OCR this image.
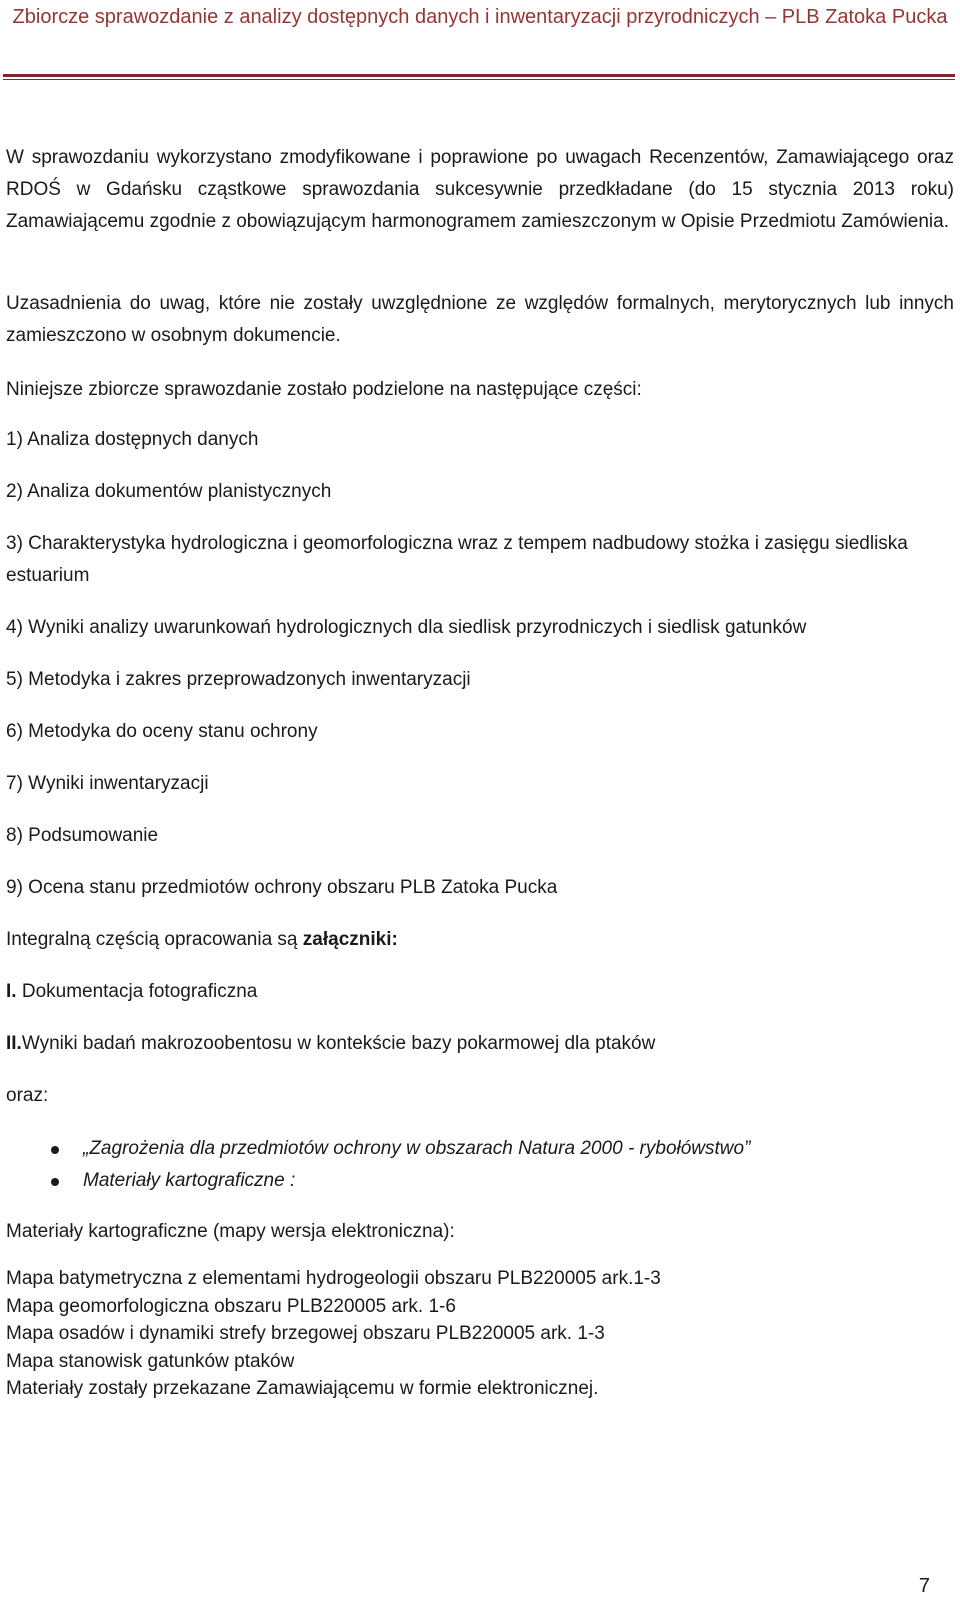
Zbiorcze sprawozdanie z analizy dostępnych danych i inwentaryzacji przyrodniczych – PLB Zatoka Pucka

W sprawozdaniu wykorzystano zmodyfikowane i poprawione po uwagach Recenzentów, Zamawiającego oraz RDOŚ w Gdańsku cząstkowe sprawozdania sukcesywnie przedkładane (do 15 stycznia 2013 roku) Zamawiającemu zgodnie z obowiązującym harmonogramem zamieszczonym w Opisie Przedmiotu Zamówienia.

Uzasadnienia do uwag, które nie zostały uwzględnione ze względów formalnych, merytorycznych lub innych zamieszczono w osobnym dokumencie.

Niniejsze zbiorcze sprawozdanie zostało podzielone na następujące części:

1) Analiza dostępnych danych

2) Analiza dokumentów planistycznych

3) Charakterystyka hydrologiczna i geomorfologiczna wraz z tempem nadbudowy stożka i zasięgu siedliska estuarium

4) Wyniki analizy uwarunkowań hydrologicznych dla siedlisk przyrodniczych i siedlisk gatunków

5) Metodyka i zakres przeprowadzonych inwentaryzacji

6) Metodyka do oceny stanu ochrony

7) Wyniki inwentaryzacji

8) Podsumowanie

9) Ocena stanu przedmiotów ochrony obszaru PLB Zatoka Pucka

Integralną częścią opracowania są załączniki:

I. Dokumentacja fotograficzna

II.Wyniki badań makrozoobentosu w kontekście bazy pokarmowej dla ptaków

oraz:

„Zagrożenia dla przedmiotów ochrony w obszarach Natura 2000 - rybołówstwo”
Materiały kartograficzne :

Materiały kartograficzne (mapy wersja elektroniczna):

Mapa batymetryczna z elementami hydrogeologii obszaru PLB220005 ark.1-3
Mapa geomorfologiczna obszaru PLB220005 ark. 1-6
Mapa osadów i dynamiki strefy brzegowej obszaru PLB220005 ark. 1-3
Mapa stanowisk gatunków ptaków
Materiały zostały przekazane Zamawiającemu w formie elektronicznej.
7
